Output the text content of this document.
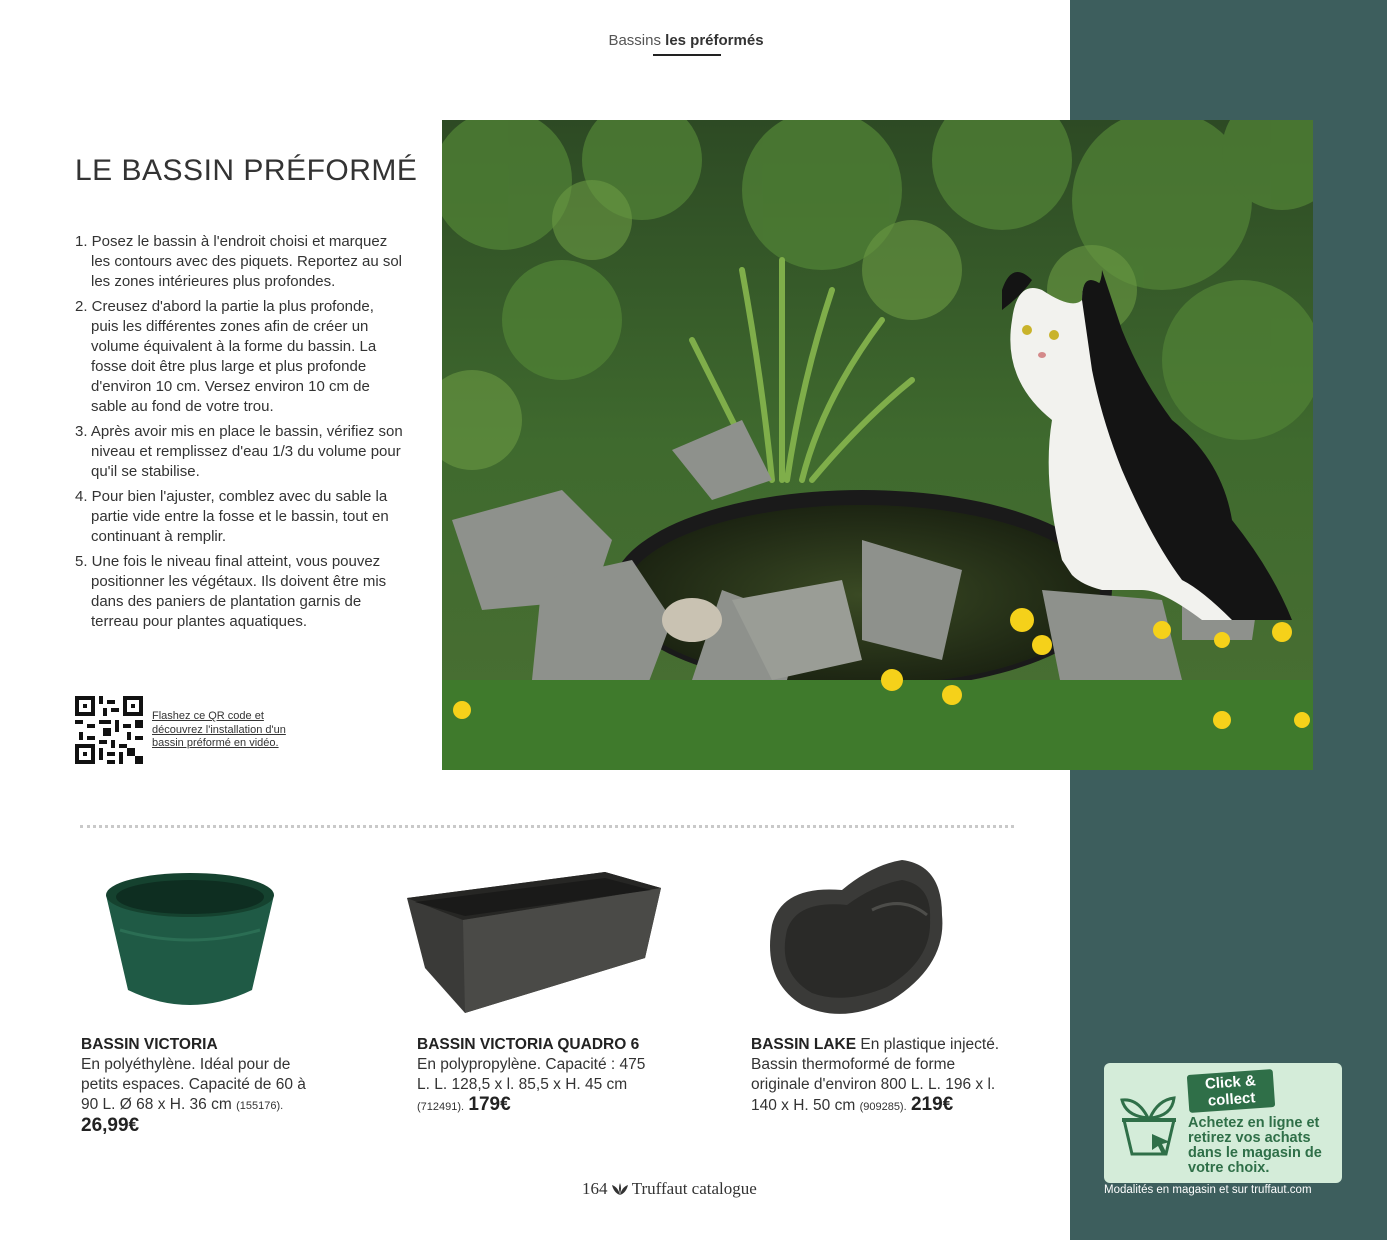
Bassins les préformés
LE BASSIN PRÉFORMÉ
1. Posez le bassin à l'endroit choisi et marquez les contours avec des piquets. Reportez au sol les zones intérieures plus profondes.
2. Creusez d'abord la partie la plus profonde, puis les différentes zones afin de créer un volume équivalent à la forme du bassin. La fosse doit être plus large et plus profonde d'environ 10 cm. Versez environ 10 cm de sable au fond de votre trou.
3. Après avoir mis en place le bassin, vérifiez son niveau et remplissez d'eau 1/3 du volume pour qu'il se stabilise.
4. Pour bien l'ajuster, comblez avec du sable la partie vide entre la fosse et le bassin, tout en continuant à remplir.
5. Une fois le niveau final atteint, vous pouvez positionner les végétaux. Ils doivent être mis dans des paniers de plantation garnis de terreau pour plantes aquatiques.
Flashez ce QR code et découvrez l'installation d'un bassin préformé en vidéo.
BASSIN VICTORIA
En polyéthylène. Idéal pour de petits espaces. Capacité de 60 à 90 L. Ø 68 x H. 36 cm (155176). 26,99€
BASSIN VICTORIA QUADRO 6
En polypropylène. Capacité : 475 L. L. 128,5 x l. 85,5 x H. 45 cm (712491). 179€
BASSIN LAKE En plastique injecté. Bassin thermoformé de forme originale d'environ 800 L. L. 196 x l. 140 x H. 50 cm (909285). 219€
Click & collect
Achetez en ligne et retirez vos achats dans le magasin de votre choix.
Modalités en magasin et sur truffaut.com
164 Truffaut catalogue
